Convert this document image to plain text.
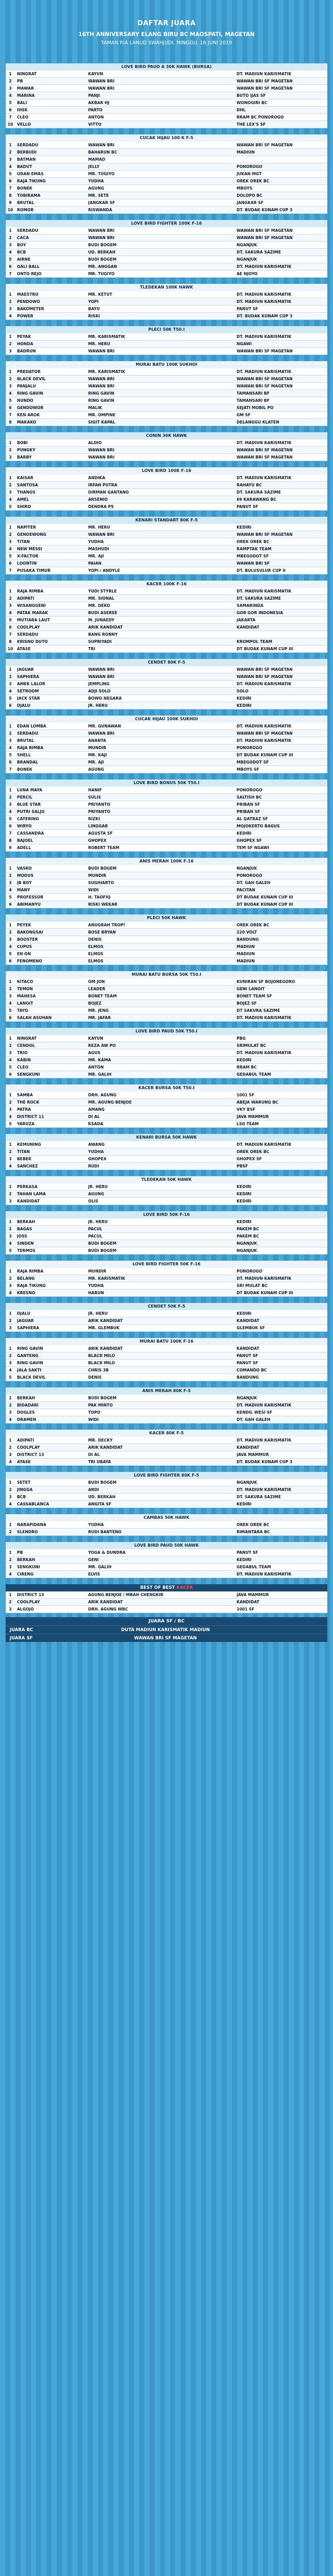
DAFTAR JUARA
16TH ANNIVERSARY ELANG BIRU BC MAOSPATI, MAGETAN
TAMAN RIA LANUD SWAHJUDI, MINGGU, 16 JUNI 2019
LOVE BIRD PAUD A 30K HAWK (BURSA)
1	NINGRAT	KAYUN	DT. MADIUN KARISMATIK
2	PB	WAWAN BRI	WAWAN BRI SF MAGETAN
3	MAWAR	WAWAN BRI	WAWAN BRI SF MAGETAN
4	MARINA	PANJI	BUTO IJAS SF
5	BALI	AKBAR HJ	WONOGIRI BC
6	IHSK	PARTO	DHL
7	CLEO	ANTON	RRAM BC PONOROGO
10	VELLO	VITTO	THE LEX'S SF
CUCAK HIJAU 100 K F-5
1	SERDADU	WAWAN BRI	WAWAN BRI SF MAGETAN
2	BERBUDI	BAHARUN BC	MADIUN
3	BATMAN	MAMAD
4	BADUT	JELLY	PONOROGO
5	UDAN EMAS	MR. TUGIYO	JUKAN MGT
6	RAJA TIKUNG	YUDHA	OREK OREK BC
7	BONEK	AGUNG	MBOYS
8	TOBIRAMA	MR. SETE	DOLOPO BC
9	BRUTAL	JANGKAR SF	JANGKAR SF
10	ROMOR	RISWANDA	DT. BUDAK KUNAM CUP 3
LOVE BIRD FIGHTER 100K F-16
1	SERDADU	WAWAN BRI	WAWAN BRI SF MAGETAN
2	CACA	WAWAN BRI	WAWAN BRI SF MAGETAN
3	BOY	BUDI BOGEM	NGANJUK
4	BCB	UD. BERKAH	DT. SAKURA SAZIME
5	AIRNE	BUDI BOGEM	NGANJUK
6	GALI BALL	MR. ANGGAN	DT. MADIUN KARISMATIK
7	ONTO REJO	MR. TUGIYO	AE NJOYO
TLEDEKAN 100K HAWK
1	MAESTRO	MR. KETUT	DT. MADIUN KARISMATIK
2	PENDOWO	YOPI	DT. MADIUN KARISMATIK
3	BAKOMETER	BAYU	PANUT SF
4	POWER	RISKI	DT. BUDAK KUNAM CUP 3
PLECI 50K T50.I
1	PEYAK	MR. KARISMATIK	DT. MADIUN KARISMATIK
2	HONDA	MR. HERU	NGAWI
3	BADRUN	WAWAN BRI	WAWAN BRI SF MAGETAN
MURAI BATU 100K SUKHOI
1	PREDATOR	MR. KARISMATIK	DT. MADIUN KARISMATIK
2	BLACK DEVIL	WAWAN BRI	WAWAN BRI SF MAGETAN
3	PANJALU	WAWAN BRI	WAWAN BRI SF MAGETAN
4	RING GAVIN	RING GAVIN	TAMANSARI BF
5	NUNDO	RING GAVIN	TAMANSARI BF
6	GENDOWOR	MALIK	SEJATI MOBIL PO
7	KEN AROK	MR. OMPINE	GM SF
8	MAKAKO	SIGIT KAPAL	DELANGGU KLATEN
CONIN 30K HAWK
1	BOBI	ALDIO	DT. MADIUN KARISMATIK
2	PUNGKY	WAWAN BRI	WAWAN BRI SF MAGETAN
3	BARBY	WAWAN BRI	WAWAN BRI SF MAGETAN
LOVE BIRD 100K F-16
1	KAISAR	ANDIKA	DT. MADIUN KARISMATIK
2	SANTOSA	IRFAN PUTRA	RAHAYU BC
3	THANOS	DIRMAN GANTANG	DT. SAKURA SAZIME
4	AMEL	ARSENIO	69 KARAWANG BC
5	SHIRO	DENDRA PS	PANUT SF
KENARI STANDART 80K F-5
1	NAPITER	MR. HERU	KEDIRI
2	GENDEWONG	WAWAN BRI	WAWAN BRI SF MAGETAN
3	TITAN	YUDHA	OREK OREK BC
4	NEW MESSI	MASHUDI	RAMPTAK TEAM
5	X-FACTOR	MR. AJI	MBEGODOT SF
6	LOONTIN	PAIAN	WAWAN BRI SF
7	PUSAKA TIMUR	YOPI / ANDYLE	DT. BULUSULUR CUP II
KACER 100K F-16
1	RAJA RIMBA	YUDI STYRLE	DT. MADIUN KARISMATIK
2	ADIPATI	MR. SIONAL	DT. SAKURA SAZIME
3	WISANGGENI	MR. DEKO	SAMARINDA
4	PATAK MARAK	BUDI ASEREE	GOR GOR INDONESIA
5	MUTIARA LAUT	M. JUNAEDY	JAKARTA
6	COOLPLAY	ARIK KANDIDAT	KANDIDAT
7	SERDADU	BANG RONNY
8	KRISNO DUTO	SUPRIYADI	KROMPOL TEAM
10	ATASE	TRI	DT BUDAK KUNAM CUP III
CENDET 80K F-5
1	JAGUAR	WAWAN BRI	WAWAN BRI SF MAGETAN
2	SAPHIERA	WAWAN BRI	WAWAN BRI SF MAGETAN
3	AMEK LALOR	JEMPLING	DT. MADIUN KARISMATIK
4	SETROOM	ADJI SOLO	SOLO
5	JACK STAR	BOWO NEGARA	KEDIRI
6	DJALU	JR. HERU	KEDIRI
CUCAK HIJAU 100K SUKHOI
1	EDAN LOMBA	MR. GUNAWAN	DT. MADIUN KARISMATIK
2	SERDADU	WAWAN BRI	WAWAN BRI SF MAGETAN
3	BRUTAL	ANANTA	DT. MADIUN KARISMATIK
4	RAJA RIMBA	MUNDIR	PONOROGO
5	SHELL	MR. KAJI	DT BUDAK KUNAM CUP III
6	BRANDAL	MR. AJI	MBEGODOT SF
7	BONEK	AGUNG	MBOYS SF
LOVE BIRD BONUS 50K T50.I
1	LUNA MAYA	HANIF	PONOROGO
2	PERCIL	SULIS	SALTISH BC
3	BLUE STAR	PRIYANTO	PRIBAN SF
4	PUTRI SALJU	PRIYANTO	PRIBAN SF
5	CATERING	RIZKI	AL QATRAZ SF
6	WIRYO	LINGGAR	MOJOKERTO BAGUS
7	CASSANDRA	AGUSTA SF	KEDIRI
8	BAJOEL	GHOPEX	GHOPEX SF
9	ADELL	ROBERT TEAM	TEM SF NGAWI
ANIS MERAH 100K F-16
1	VASKO	BUDI BOGEM	NGANJUK
2	MODUS	MUNDIR	PONOROGO
3	JB BOY	SUGIHARTO	DT. GAH GALEH
4	MANY	WIDI	PACITAN
5	PROFESSOR	H. TAOFIQ	DT BUDAK KUNAM CUP III
6	ABIMANYU	RISKI WEKAR	DT BUDAK KUNAM CUP III
PLECI 50K HAWK
1	PEYEK	ANUGRAH TROP!	OREK OREK BC
2	BAKONGSAI	BOSE BRYAN	220 VOLT
3	BOOSTER	DENIS	BANDUNG
4	CUPUS	ELMOS	MADIUN
5	EN ON	ELMOS	MADIUN
6	FENOMENO	ELMOS	MADIUN
MURAI BATU BURSA 50K T50.I
1	KITACO	OM JON	KUNIRAN SF BOJONEGORO
2	TEMON	LEADER	GENI LANGIT
3	MAHESA	BONET TEAM	BONET TEAM SF
4	LANGIT	BOJEZ	BOJEZ SF
5	TAYO	MR. JENG	DT SAKURA SAZIME
6	SALAH ASUHAN	MR. JAFAR	DT. MADIUN KARISMATIK
LOVE BIRD PAUD 50K T50.I
1	NINGRAT	KAYUN	PBG
2	CENDOL	REZA AW PO	SRIMULAT BC
3	TRIO	AGUS	DT. MADIUN KARISMATIK
4	KABIN	MR. KAMA	KEDIRI
5	CLEO	ANTON	RRAM BC
6	SENGKUNI	MR. GALIH	GEDABUL TEAM
KACER BURSA 50K T50.I
1	SAMBA	DRH. AGUNG	1001 SF
2	THE ROCK	MR. AGUNG BENJOE	ABEJA WARUNG BC
3	PATRA	AMANG	VKY BSF
4	DISTRICT 11	DI AL	JAVA MAMMUR
5	YARUZA	KSADA	LSG TEAM
KENARI BURSA 50K HAWK
1	KEMUNING	AWANG	DT. MADIUN KARISMATIK
2	TITAN	YUDHA	OREK OREK BC
3	BEBEK	GHOPEX	GHOPEX SF
4	SANCHEZ	RUDI	PBSF
TLEDEKAN 50K HAWK
1	PERKASA	JR. HERU	KEDIRI
2	TAHAN LAMA	AGUNG	KEDIRI
3	KANDIDAT	OLIS	KEDIRI
LOVE BIRD 50K F-16
1	BERKAH	JR. HERU	KEDIRI
2	BAGAS	PACUL	PAKEM BC
3	JOSS	PACUL	PAKEM BC
4	SINDEN	BUDI BOGEM	NGANJUK
5	TERMOS	BUDI BOGEM	NGANJUK
LOVE BIRD FIGHTER 50K F-16
1	RAJA RIMBA	MUNDIR	PONOROGO
2	BELANG	MR. KARISMATIK	DT. MADIUN KARISMATIK
3	RAJA TIKUNG	YUDHA	SRI MULAT BC
4	KRESNO	HARUN	DT BUDAK KUNAM CUP III
CENDET 50K F-5
1	DJALU	JR. HERU	KEDIRI
2	JAGUAR	ARIK KANDIDAT	KANDIDAT
3	SAPHIERA	MR. GLEMBUK	GLEMBUK SF
MURAI BATU 100K F-16
1	RING GAVIN	ARIK KANDIDAT	KANDIDAT
2	GANTENG	BLACK MILO	PANUT SF
3	RING GAVIN	BLACK MILO	PANUT SF
4	JALA SAKTI	CHRIS 3B	COMANDO BC
5	BLACK DEVIL	DENIS	BANDUNG
ANIS MERAH 80K F-5
1	BERKAH	BUDI BOGEM	NGANJUK
2	BIDADARI	PAK MINTO	DT. MADIUN KARISMATIK
3	DOGLES	TOPO	KENDIL WESI SF
4	DRAMEN	WIDI	DT. GAH GALEH
KACER 80K F-5
1	ADIPATI	MR. DECKY	DT. MADIUN KARISMATIK
2	COOLPLAY	ARIK KANDIDAT	KANDIDAT
3	DISTRICT 13	DI AL	JAVA MAMMUR
4	ATASE	TRI UBAYA	DT. BUDAK KUNAM CUP 3
LOVE BIRD FIGHTER 80K F-5
1	SETET	BUDI BOGEM	NGANJUK
2	JINGGA	ARDI	DT. MADIUN KARISMATIK
3	BCB	UD. BERKAH	DT. SAKURA SAZIME
4	CASSABLANCA	ANGITA SF	KEDIRI
CAMBAS 50K HAWK
1	NARAPIDANA	YUDHA	OREK OREK BC
2	SLENDRO	RUDI BANTENG	RIMANTARA BC
LOVE BIRD PAUD 50K HAWK
1	PB	YOGA & DUNDRA	PANUT SF
2	BERKAH	GENI	KEDIRI
3	SENGKUNI	MR. GALIH	GEDABUL TEAM
4	CIRENG	ELVIS	DT. MADIUN KARISMATIK
BEST OF BEST KACER
1	DISTRICT 13	AGUNG BENJOE / MBAH CHENGKIR	JAVA MAMMUR
2	COOLPLAY	ARIK KANDIDAT	KANDIDAT
3	ALGOJO	DRH. AGUNG WBC	1001 SF
JUARA SF / BC
JUARA BC	DUTA MADIUN KARISMATIK MADIUN
JUARA SF	WAWAN BRI SF MAGETAN
